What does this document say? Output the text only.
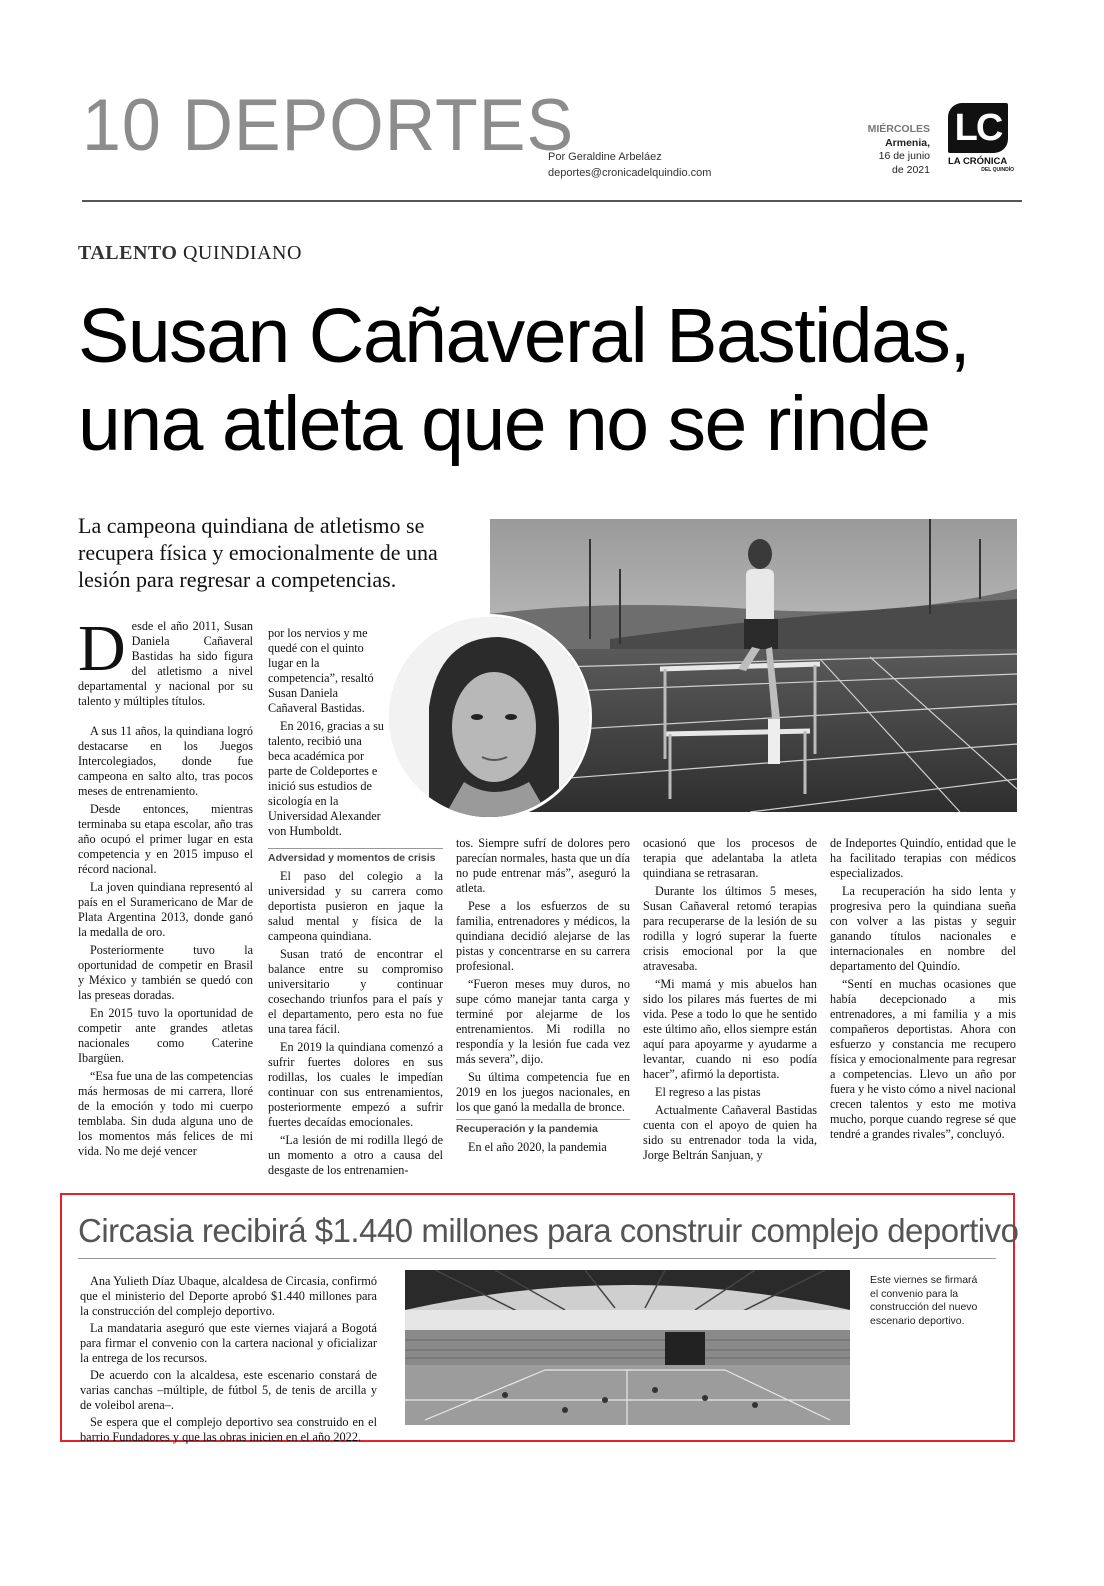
10 DEPORTES
Por Geraldine Arbeláez
deportes@cronicadelquindio.com
MIÉRCOLES
Armenia,
16 de junio
de 2021
LC
LA CRÓNICA
DEL QUINDÍO
TALENTO QUINDIANO
Susan Cañaveral Bastidas,
una atleta que no se rinde
La campeona quindiana de atletismo se recupera física y emocionalmente de una lesión para regresar a competencias.

Desde el año 2011, Susan Daniela Cañaveral Bastidas ha sido figura del atletismo a nivel departamental y nacional por su talento y múltiples títulos.

A sus 11 años, la quindiana logró destacarse en los Juegos Intercolegiados, donde fue campeona en salto alto, tras pocos meses de entrenamiento.

Desde entonces, mientras terminaba su etapa escolar, año tras año ocupó el primer lugar en esta competencia y en 2015 impuso el récord nacional.

La joven quindiana representó al país en el Suramericano de Mar de Plata Argentina 2013, donde ganó la medalla de oro.

Posteriormente tuvo la oportunidad de competir en Brasil y México y también se quedó con las preseas doradas.

En 2015 tuvo la oportunidad de competir ante grandes atletas nacionales como Caterine Ibargüen.

“Esa fue una de las competencias más hermosas de mi carrera, lloré de la emoción y todo mi cuerpo temblaba. Sin duda alguna uno de los momentos más felices de mi vida. No me dejé vencer

por los nervios y me quedé con el quinto lugar en la competencia”, resaltó Susan Daniela Cañaveral Bastidas.

En 2016, gracias a su talento, recibió una beca académica por parte de Coldeportes e inició sus estudios de sicología en la Universidad Alexander von Humboldt.

Adversidad y momentos de crisis

El paso del colegio a la universidad y su carrera como deportista pusieron en jaque la salud mental y física de la campeona quindiana.

Susan trató de encontrar el balance entre su compromiso universitario y continuar cosechando triunfos para el país y el departamento, pero esta no fue una tarea fácil.

En 2019 la quindiana comenzó a sufrir fuertes dolores en sus rodillas, los cuales le impedían continuar con sus entrenamientos, posteriormente empezó a sufrir fuertes decaídas emocionales.

“La lesión de mi rodilla llegó de un momento a otro a causa del desgaste de los entrenamien-

tos. Siempre sufrí de dolores pero parecían normales, hasta que un día no pude entrenar más”, aseguró la atleta.

Pese a los esfuerzos de su familia, entrenadores y médicos, la quindiana decidió alejarse de las pistas y concentrarse en su carrera profesional.

“Fueron meses muy duros, no supe cómo manejar tanta carga y terminé por alejarme de los entrenamientos. Mi rodilla no respondía y la lesión fue cada vez más severa”, dijo.

Su última competencia fue en 2019 en los juegos nacionales, en los que ganó la medalla de bronce.

Recuperación y la pandemia

En el año 2020, la pandemia

ocasionó que los procesos de terapia que adelantaba la atleta quindiana se retrasaran.

Durante los últimos 5 meses, Susan Cañaveral retomó terapias para recuperarse de la lesión de su rodilla y logró superar la fuerte crisis emocional por la que atravesaba.

“Mi mamá y mis abuelos han sido los pilares más fuertes de mi vida. Pese a todo lo que he sentido este último año, ellos siempre están aquí para apoyarme y ayudarme a levantar, cuando ni eso podía hacer”, afirmó la deportista.

El regreso a las pistas

Actualmente Cañaveral Bastidas cuenta con el apoyo de quien ha sido su entrenador toda la vida, Jorge Beltrán Sanjuan, y

de Indeportes Quindío, entidad que le ha facilitado terapias con médicos especializados.

La recuperación ha sido lenta y progresiva pero la quindiana sueña con volver a las pistas y seguir ganando títulos nacionales e internacionales en nombre del departamento del Quindío.

“Sentí en muchas ocasiones que había decepcionado a mis entrenadores, a mi familia y a mis compañeros deportistas. Ahora con esfuerzo y constancia me recupero física y emocionalmente para regresar a competencias. Llevo un año por fuera y he visto cómo a nivel nacional crecen talentos y esto me motiva mucho, porque cuando regrese sé que tendré a grandes rivales”, concluyó.

Circasia recibirá $1.440 millones para construir complejo deportivo

Ana Yulieth Díaz Ubaque, alcaldesa de Circasia, confirmó que el ministerio del Deporte aprobó $1.440 millones para la construcción del complejo deportivo.

La mandataria aseguró que este viernes viajará a Bogotá para firmar el convenio con la cartera nacional y oficializar la entrega de los recursos.

De acuerdo con la alcaldesa, este escenario constará de varias canchas –múltiple, de fútbol 5, de tenis de arcilla y de voleibol arena–.

Se espera que el complejo deportivo sea construido en el barrio Fundadores y que las obras inicien en el año 2022.

Este viernes se firmará el convenio para la construcción del nuevo escenario deportivo.
